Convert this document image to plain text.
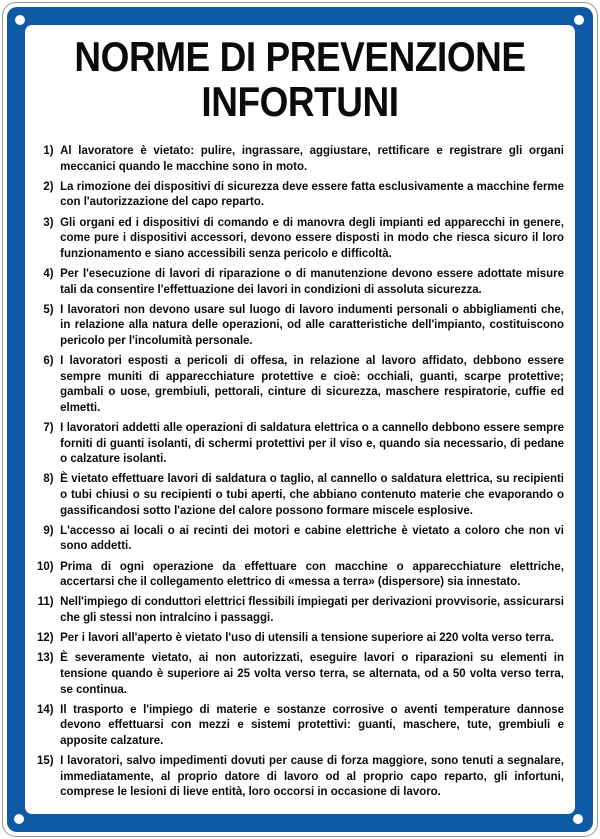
NORME DI PREVENZIONE
INFORTUNI
1) Al lavoratore è vietato: pulire, ingrassare, aggiustare, rettificare e registrare gli organi meccanici quando le macchine sono in moto.
2) La rimozione dei dispositivi di sicurezza deve essere fatta esclusivamente a macchine ferme con l'autorizzazione del capo reparto.
3) Gli organi ed i dispositivi di comando e di manovra degli impianti ed apparecchi in genere, come pure i dispositivi accessori, devono essere disposti in modo che riesca sicuro il loro funzionamento e siano accessibili senza pericolo e difficoltà.
4) Per l'esecuzione di lavori di riparazione o di manutenzione devono essere adottate misure tali da consentire l'effettuazione dei lavori in condizioni di assoluta sicurezza.
5) I lavoratori non devono usare sul luogo di lavoro indumenti personali o abbigliamenti che, in relazione alla natura delle operazioni, od alle caratteristiche dell'impianto, costituiscono pericolo per l'incolumità personale.
6) I lavoratori esposti a pericoli di offesa, in relazione al lavoro affidato, debbono essere sempre muniti di apparecchiature protettive e cioè: occhiali, guanti, scarpe protettive; gambali o uose, grembiuli, pettorali, cinture di sicurezza, maschere respiratorie, cuffie ed elmetti.
7) I lavoratori addetti alle operazioni di saldatura elettrica o a cannello debbono essere sempre forniti di guanti isolanti, di schermi protettivi per il viso e, quando sia necessario, di pedane o calzature isolanti.
8) È vietato effettuare lavori di saldatura o taglio, al cannello o saldatura elettrica, su recipienti o tubi chiusi o su recipienti o tubi aperti, che abbiano contenuto materie che evaporando o gassificandosi sotto l'azione del calore possono formare miscele esplosive.
9) L'accesso ai locali o ai recinti dei motori e cabine elettriche è vietato a coloro che non vi sono addetti.
10) Prima di ogni operazione da effettuare con macchine o apparecchiature elettriche, accertarsi che il collegamento elettrico di «messa a terra» (dispersore) sia innestato.
11) Nell'impiego di conduttori elettrici flessibili impiegati per derivazioni provvisorie, assicurarsi che gli stessi non intralcino i passaggi.
12) Per i lavori all'aperto è vietato l'uso di utensili a tensione superiore ai 220 volta verso terra.
13) È severamente vietato, ai non autorizzati, eseguire lavori o riparazioni su elementi in tensione quando è superiore ai 25 volta verso terra, se alternata, od a 50 volta verso terra, se continua.
14) Il trasporto e l'impiego di materie e sostanze corrosive o aventi temperature dannose devono effettuarsi con mezzi e sistemi protettivi: guanti, maschere, tute, grembiuli e apposite calzature.
15) I lavoratori, salvo impedimenti dovuti per cause di forza maggiore, sono tenuti a segnalare, immediatamente, al proprio datore di lavoro od al proprio capo reparto, gli infortuni, comprese le lesioni di lieve entità, loro occorsi in occasione di lavoro.
